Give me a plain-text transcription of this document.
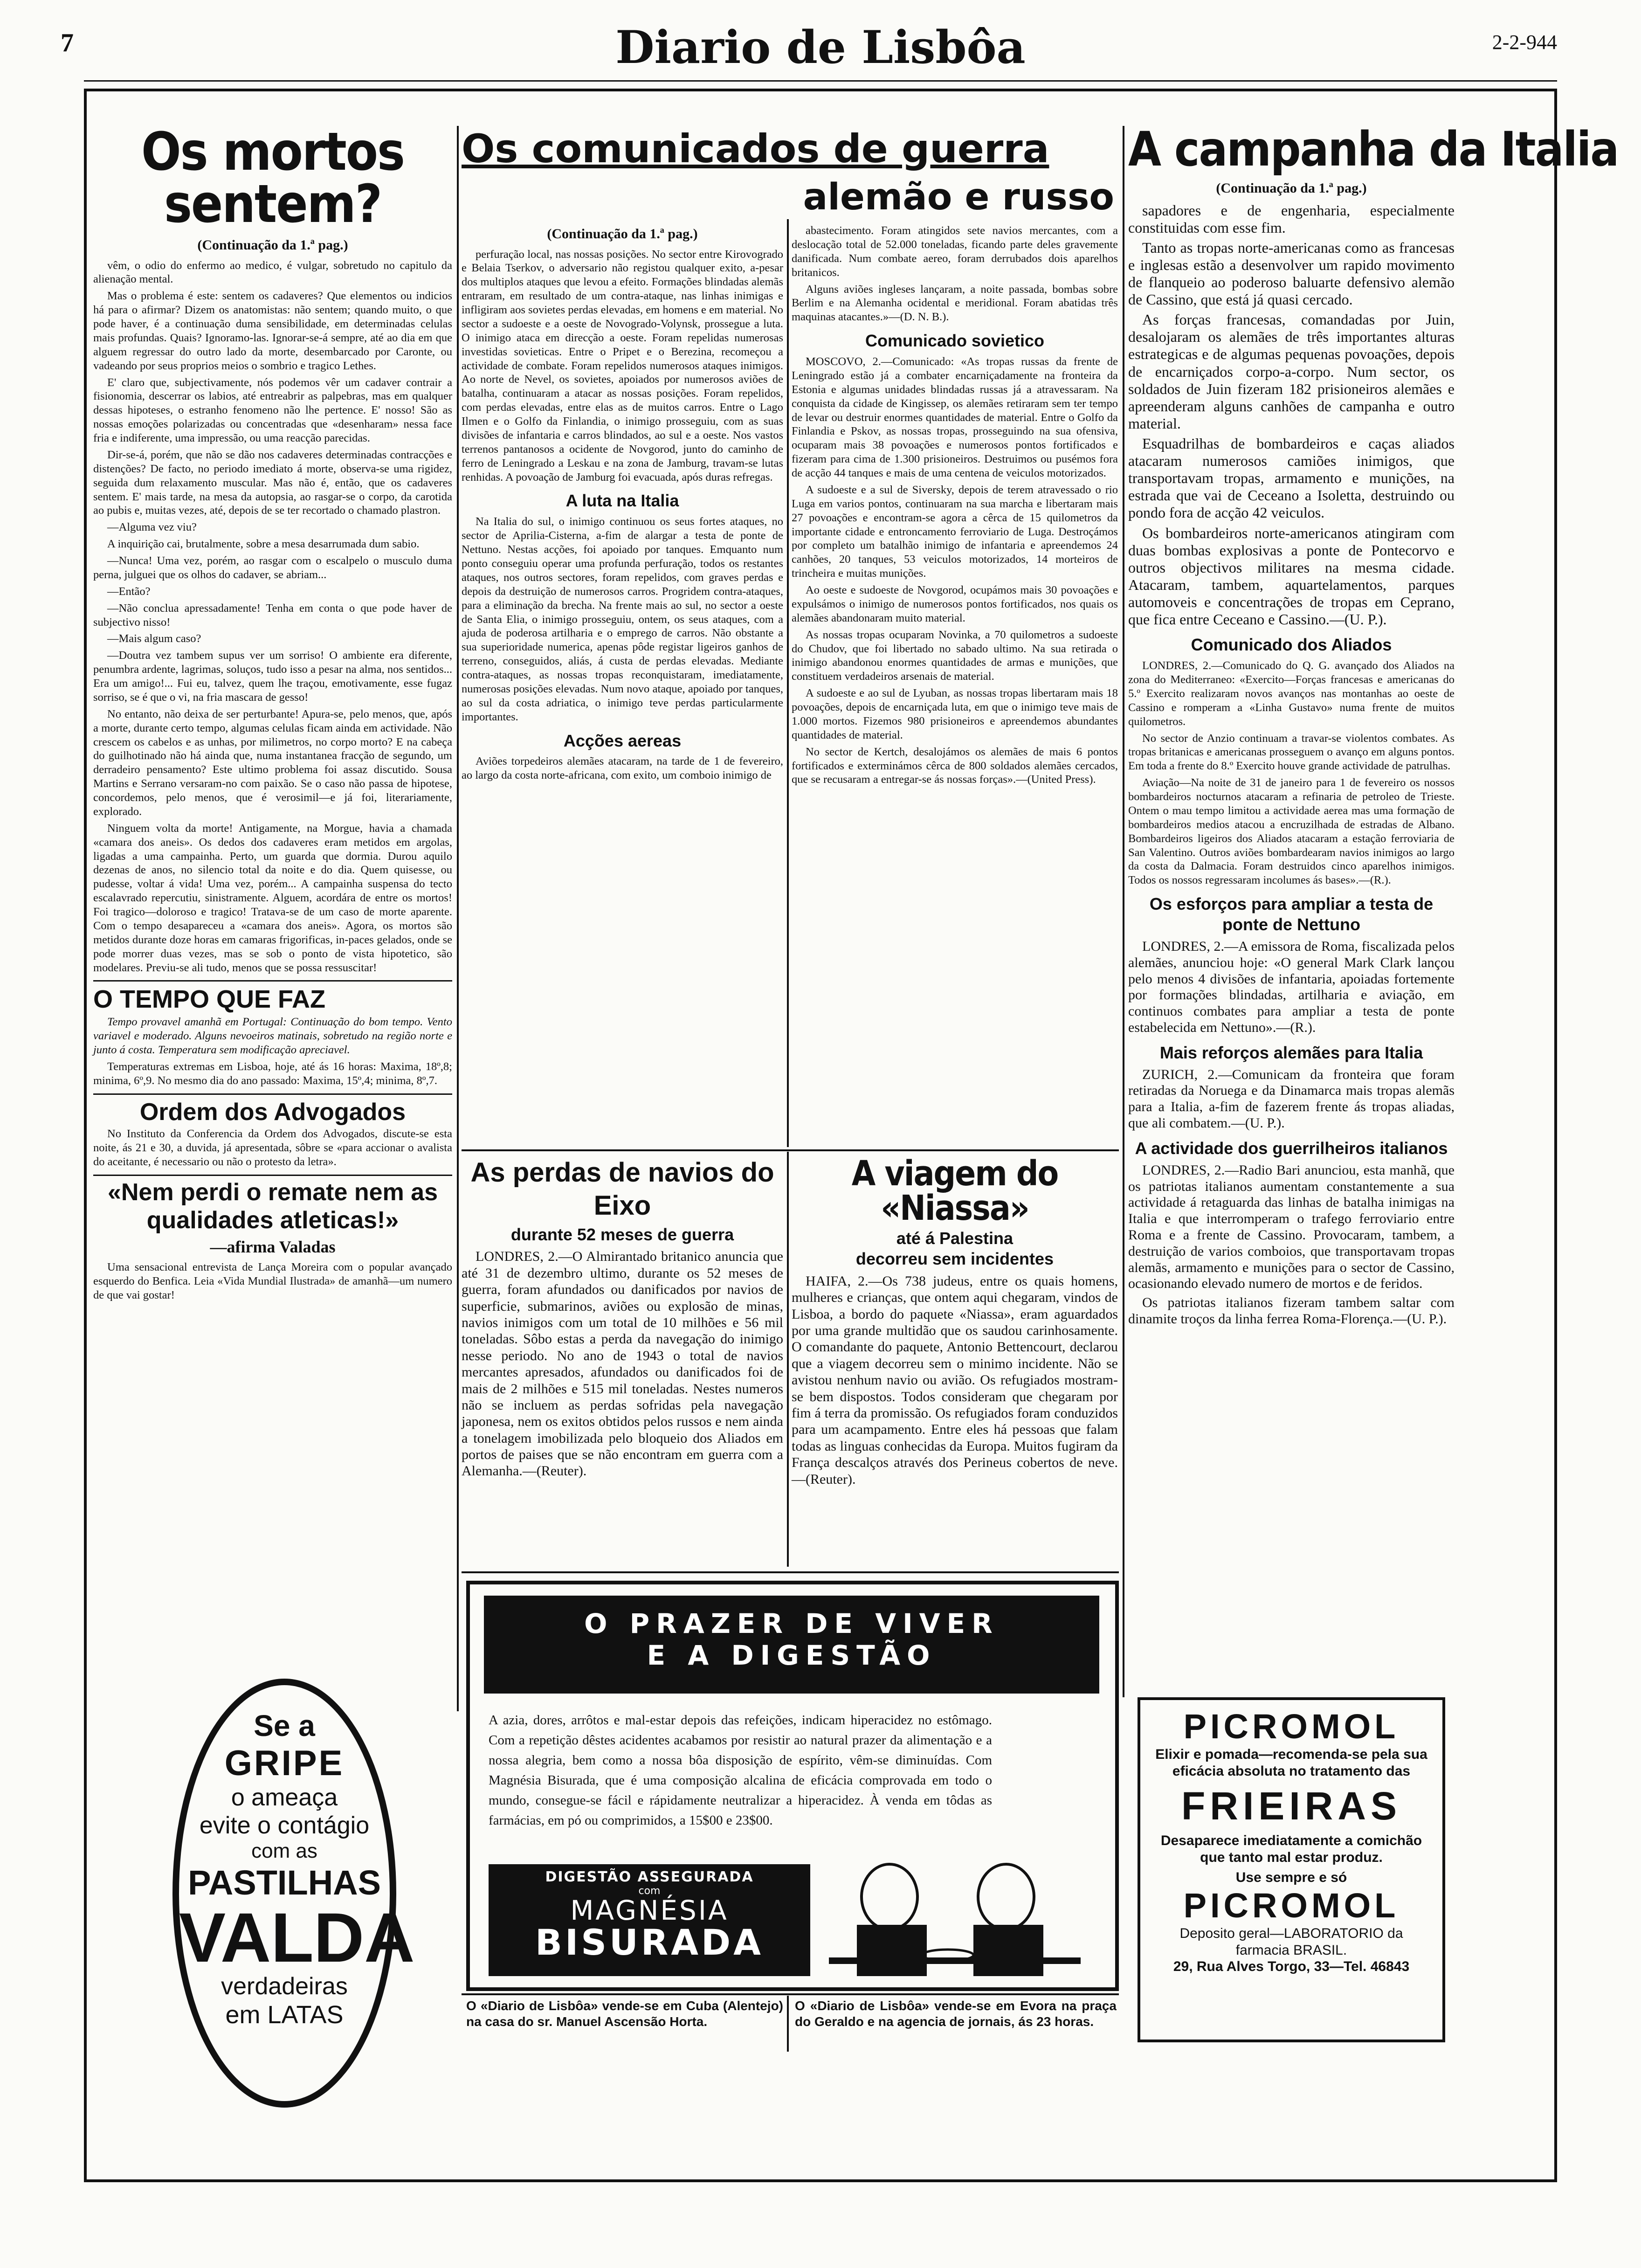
7	Diario de Lisbôa	2-2-944
Os mortos sentem?
(Continuação da 1.ª pag.)

vêm, o odio do enfermo ao medico, é vulgar, sobretudo no capitulo da alienação mental.

Mas o problema é este: sentem os cadaveres? Que elementos ou indicios há para o afirmar? Dizem os anatomistas: não sentem; quando muito, o que pode haver, é a continuação duma sensibilidade, em determinadas celulas mais profundas. Quais? Ignoramo-las. Ignorar-se-á sempre, até ao dia em que alguem regressar do outro lado da morte, desembarcado por Caronte, ou vadeando por seus proprios meios o sombrio e tragico Lethes.

E' claro que, subjectivamente, nós podemos vêr um cadaver contrair a fisionomia, descerrar os labios, até entreabrir as palpebras, mas em qualquer dessas hipoteses, o estranho fenomeno não lhe pertence. E' nosso! São as nossas emoções polarizadas ou concentradas que «desenharam» nessa face fria e indiferente, uma impressão, ou uma reacção parecidas.

Dir-se-á, porém, que não se dão nos cadaveres determinadas contracções e distenções? De facto, no periodo imediato á morte, observa-se uma rigidez, seguida dum relaxamento muscular. Mas não é, então, que os cadaveres sentem. E' mais tarde, na mesa da autopsia, ao rasgar-se o corpo, da carotida ao pubis e, muitas vezes, até, depois de se ter recortado o chamado plastron.

—Alguma vez viu?

A inquirição cai, brutalmente, sobre a mesa desarrumada dum sabio.

—Nunca! Uma vez, porém, ao rasgar com o escalpelo o musculo duma perna, julguei que os olhos do cadaver, se abriam...

—Então?

—Não conclua apressadamente! Tenha em conta o que pode haver de subjectivo nisso!

—Mais algum caso?

—Doutra vez tambem supus ver um sorriso! O ambiente era diferente, penumbra ardente, lagrimas, soluços, tudo isso a pesar na alma, nos sentidos... Era um amigo!... Fui eu, talvez, quem lhe traçou, emotivamente, esse fugaz sorriso, se é que o vi, na fria mascara de gesso!

No entanto, não deixa de ser perturbante! Apura-se, pelo menos, que, após a morte, durante certo tempo, algumas celulas ficam ainda em actividade. Não crescem os cabelos e as unhas, por milimetros, no corpo morto? E na cabeça do guilhotinado não há ainda que, numa instantanea fracção de segundo, um derradeiro pensamento? Este ultimo problema foi assaz discutido. Sousa Martins e Serrano versaram-no com paixão. Se o caso não passa de hipotese, concordemos, pelo menos, que é verosimil—e já foi, literariamente, explorado.

Ninguem volta da morte! Antigamente, na Morgue, havia a chamada «camara dos aneis». Os dedos dos cadaveres eram metidos em argolas, ligadas a uma campainha. Perto, um guarda que dormia. Durou aquilo dezenas de anos, no silencio total da noite e do dia. Quem quisesse, ou pudesse, voltar á vida! Uma vez, porém... A campainha suspensa do tecto escalavrado repercutiu, sinistramente. Alguem, acordára de entre os mortos! Foi tragico—doloroso e tragico! Tratava-se de um caso de morte aparente. Com o tempo desapareceu a «camara dos aneis». Agora, os mortos são metidos durante doze horas em camaras frigorificas, in-paces gelados, onde se pode morrer duas vezes, mas se sob o ponto de vista hipotetico, são modelares. Previu-se ali tudo, menos que se possa ressuscitar!

O TEMPO QUE FAZ

Tempo provavel amanhã em Portugal: Continuação do bom tempo. Vento variavel e moderado. Alguns nevoeiros matinais, sobretudo na região norte e junto á costa. Temperatura sem modificação apreciavel.

Temperaturas extremas em Lisboa, hoje, até ás 16 horas: Maxima, 18º,8; minima, 6º,9. No mesmo dia do ano passado: Maxima, 15º,4; minima, 8º,7.

Ordem dos Advogados

No Instituto da Conferencia da Ordem dos Advogados, discute-se esta noite, ás 21 e 30, a duvida, já apresentada, sôbre se «para accionar o avalista do aceitante, é necessario ou não o protesto da letra».

«Nem perdi o remate nem as qualidades atleticas!»
—afirma Valadas

Uma sensacional entrevista de Lança Moreira com o popular avançado esquerdo do Benfica. Leia «Vida Mundial Ilustrada» de amanhã—um numero de que vai gostar!

Se a
GRIPE
o ameaça
evite o contágio
com as
PASTILHAS
VALDA
verdadeiras
em LATAS
Os comunicados de guerra
alemão e russo
(Continuação da 1.ª pag.)

perfuração local, nas nossas posições. No sector entre Kirovogrado e Belaia Tserkov, o adversario não registou qualquer exito, a-pesar dos multiplos ataques que levou a efeito. Formações blindadas alemãs entraram, em resultado de um contra-ataque, nas linhas inimigas e infligiram aos sovietes perdas elevadas, em homens e em material. No sector a sudoeste e a oeste de Novogrado-Volynsk, prossegue a luta. O inimigo ataca em direcção a oeste. Foram repelidas numerosas investidas sovieticas. Entre o Pripet e o Berezina, recomeçou a actividade de combate. Foram repelidos numerosos ataques inimigos. Ao norte de Nevel, os sovietes, apoiados por numerosos aviões de batalha, continuaram a atacar as nossas posições. Foram repelidos, com perdas elevadas, entre elas as de muitos carros. Entre o Lago Ilmen e o Golfo da Finlandia, o inimigo prosseguiu, com as suas divisões de infantaria e carros blindados, ao sul e a oeste. Nos vastos terrenos pantanosos a ocidente de Novgorod, junto do caminho de ferro de Leningrado a Leskau e na zona de Jamburg, travam-se lutas renhidas. A povoação de Jamburg foi evacuada, após duras refregas.

A luta na Italia

Na Italia do sul, o inimigo continuou os seus fortes ataques, no sector de Aprilia-Cisterna, a-fim de alargar a testa de ponte de Nettuno. Nestas acções, foi apoiado por tanques. Emquanto num ponto conseguiu operar uma profunda perfuração, todos os restantes ataques, nos outros sectores, foram repelidos, com graves perdas e depois da destruição de numerosos carros. Progridem contra-ataques, para a eliminação da brecha. Na frente mais ao sul, no sector a oeste de Santa Elia, o inimigo prosseguiu, ontem, os seus ataques, com a ajuda de poderosa artilharia e o emprego de carros. Não obstante a sua superioridade numerica, apenas pôde registar ligeiros ganhos de terreno, conseguidos, aliás, á custa de perdas elevadas. Mediante contra-ataques, as nossas tropas reconquistaram, imediatamente, numerosas posições elevadas. Num novo ataque, apoiado por tanques, ao sul da costa adriatica, o inimigo teve perdas particularmente importantes.

Acções aereas

Aviões torpedeiros alemães atacaram, na tarde de 1 de fevereiro, ao largo da costa norte-africana, com exito, um comboio inimigo de

abastecimento. Foram atingidos sete navios mercantes, com a deslocação total de 52.000 toneladas, ficando parte deles gravemente danificada. Num combate aereo, foram derrubados dois aparelhos britanicos.

Alguns aviões ingleses lançaram, a noite passada, bombas sobre Berlim e na Alemanha ocidental e meridional. Foram abatidas três maquinas atacantes.»—(D. N. B.).

Comunicado sovietico

MOSCOVO, 2.—Comunicado: «As tropas russas da frente de Leningrado estão já a combater encarniçadamente na fronteira da Estonia e algumas unidades blindadas russas já a atravessaram. Na conquista da cidade de Kingissep, os alemães retiraram sem ter tempo de levar ou destruir enormes quantidades de material. Entre o Golfo da Finlandia e Pskov, as nossas tropas, prosseguindo na sua ofensiva, ocuparam mais 38 povoações e numerosos pontos fortificados e fizeram para cima de 1.300 prisioneiros. Destruimos ou pusémos fora de acção 44 tanques e mais de uma centena de veiculos motorizados.

A sudoeste e a sul de Siversky, depois de terem atravessado o rio Luga em varios pontos, continuaram na sua marcha e libertaram mais 27 povoações e encontram-se agora a cêrca de 15 quilometros da importante cidade e entroncamento ferroviario de Luga. Destroçámos por completo um batalhão inimigo de infantaria e apreendemos 24 canhões, 20 tanques, 53 veiculos motorizados, 14 morteiros de trincheira e muitas munições.

Ao oeste e sudoeste de Novgorod, ocupámos mais 30 povoações e expulsámos o inimigo de numerosos pontos fortificados, nos quais os alemães abandonaram muito material.

As nossas tropas ocuparam Novinka, a 70 quilometros a sudoeste do Chudov, que foi libertado no sabado ultimo. Na sua retirada o inimigo abandonou enormes quantidades de armas e munições, que constituem verdadeiros arsenais de material.

A sudoeste e ao sul de Lyuban, as nossas tropas libertaram mais 18 povoações, depois de encarniçada luta, em que o inimigo teve mais de 1.000 mortos. Fizemos 980 prisioneiros e apreendemos abundantes quantidades de material.

No sector de Kertch, desalojámos os alemães de mais 6 pontos fortificados e exterminámos cêrca de 800 soldados alemães cercados, que se recusaram a entregar-se ás nossas forças».—(United Press).

As perdas de navios do Eixo
durante 52 meses de guerra

LONDRES, 2.—O Almirantado britanico anuncia que até 31 de dezembro ultimo, durante os 52 meses de guerra, foram afundados ou danificados por navios de superficie, submarinos, aviões ou explosão de minas, navios inimigos com um total de 10 milhões e 56 mil toneladas. Sôbo estas a perda da navegação do inimigo nesse periodo. No ano de 1943 o total de navios mercantes apresados, afundados ou danificados foi de mais de 2 milhões e 515 mil toneladas. Nestes numeros não se incluem as perdas sofridas pela navegação japonesa, nem os exitos obtidos pelos russos e nem ainda a tonelagem imobilizada pelo bloqueio dos Aliados em portos de paises que se não encontram em guerra com a Alemanha.—(Reuter).

A viagem do «Niassa»
até á Palestina
decorreu sem incidentes

HAIFA, 2.—Os 738 judeus, entre os quais homens, mulheres e crianças, que ontem aqui chegaram, vindos de Lisboa, a bordo do paquete «Niassa», eram aguardados por uma grande multidão que os saudou carinhosamente. O comandante do paquete, Antonio Bettencourt, declarou que a viagem decorreu sem o minimo incidente. Não se avistou nenhum navio ou avião. Os refugiados mostram-se bem dispostos. Todos consideram que chegaram por fim á terra da promissão. Os refugiados foram conduzidos para um acampamento. Entre eles há pessoas que falam todas as linguas conhecidas da Europa. Muitos fugiram da França descalços através dos Perineus cobertos de neve.—(Reuter).

O PRAZER DE VIVER
E A DIGESTÃO
A azia, dores, arrôtos e mal-estar depois das refeições, indicam hiperacidez no estômago. Com a repetição dêstes acidentes acabamos por resistir ao natural prazer da alimentação e a nossa alegria, bem como a nossa bôa disposição de espírito, vêm-se diminuídas. Com Magnésia Bisurada, que é uma composição alcalina de eficácia comprovada em todo o mundo, consegue-se fácil e rápidamente neutralizar a hiperacidez. À venda em tôdas as farmácias, em pó ou comprimidos, a 15$00 e 23$00.
DIGESTÃO ASSEGURADA
com
MAGNÉSIA
BISURADA

O «Diario de Lisbôa» vende-se em Cuba (Alentejo) na casa do sr. Manuel Ascensão Horta.

O «Diario de Lisbôa» vende-se em Evora na praça do Geraldo e na agencia de jornais, ás 23 horas.

A campanha da Italia
(Continuação da 1.ª pag.)

sapadores e de engenharia, especialmente constituidas com esse fim.

Tanto as tropas norte-americanas como as francesas e inglesas estão a desenvolver um rapido movimento de flanqueio ao poderoso baluarte defensivo alemão de Cassino, que está já quasi cercado.

As forças francesas, comandadas por Juin, desalojaram os alemães de três importantes alturas estrategicas e de algumas pequenas povoações, depois de encarniçados corpo-a-corpo. Num sector, os soldados de Juin fizeram 182 prisioneiros alemães e apreenderam alguns canhões de campanha e outro material.

Esquadrilhas de bombardeiros e caças aliados atacaram numerosos camiões inimigos, que transportavam tropas, armamento e munições, na estrada que vai de Ceceano a Isoletta, destruindo ou pondo fora de acção 42 veiculos.

Os bombardeiros norte-americanos atingiram com duas bombas explosivas a ponte de Pontecorvo e outros objectivos militares na mesma cidade. Atacaram, tambem, aquartelamentos, parques automoveis e concentrações de tropas em Ceprano, que fica entre Ceceano e Cassino.—(U. P.).

Comunicado dos Aliados

LONDRES, 2.—Comunicado do Q. G. avançado dos Aliados na zona do Mediterraneo: «Exercito—Forças francesas e americanas do 5.º Exercito realizaram novos avanços nas montanhas ao oeste de Cassino e romperam a «Linha Gustavo» numa frente de muitos quilometros.

No sector de Anzio continuam a travar-se violentos combates. As tropas britanicas e americanas prosseguem o avanço em alguns pontos. Em toda a frente do 8.º Exercito houve grande actividade de patrulhas.

Aviação—Na noite de 31 de janeiro para 1 de fevereiro os nossos bombardeiros nocturnos atacaram a refinaria de petroleo de Trieste. Ontem o mau tempo limitou a actividade aerea mas uma formação de bombardeiros medios atacou a encruzilhada de estradas de Albano. Bombardeiros ligeiros dos Aliados atacaram a estação ferroviaria de San Valentino. Outros aviões bombardearam navios inimigos ao largo da costa da Dalmacia. Foram destruidos cinco aparelhos inimigos. Todos os nossos regressaram incolumes ás bases».—(R.).

Os esforços para ampliar a testa de ponte de Nettuno

LONDRES, 2.—A emissora de Roma, fiscalizada pelos alemães, anunciou hoje: «O general Mark Clark lançou pelo menos 4 divisões de infantaria, apoiadas fortemente por formações blindadas, artilharia e aviação, em continuos combates para ampliar a testa de ponte estabelecida em Nettuno».—(R.).

Mais reforços alemães para Italia

ZURICH, 2.—Comunicam da fronteira que foram retiradas da Noruega e da Dinamarca mais tropas alemãs para a Italia, a-fim de fazerem frente ás tropas aliadas, que ali combatem.—(U. P.).

A actividade dos guerrilheiros italianos

LONDRES, 2.—Radio Bari anunciou, esta manhã, que os patriotas italianos aumentam constantemente a sua actividade á retaguarda das linhas de batalha inimigas na Italia e que interromperam o trafego ferroviario entre Roma e a frente de Cassino. Provocaram, tambem, a destruição de varios comboios, que transportavam tropas alemãs, armamento e munições para o sector de Cassino, ocasionando elevado numero de mortos e de feridos.

Os patriotas italianos fizeram tambem saltar com dinamite troços da linha ferrea Roma-Florença.—(U. P.).

PICROMOL
Elixir e pomada—recomenda-se pela sua eficácia absoluta no tratamento das
FRIEIRAS
Desaparece imediatamente a comichão que tanto mal estar produz.
Use sempre e só
PICROMOL
Deposito geral—LABORATORIO da farmacia BRASIL.
29, Rua Alves Torgo, 33—Tel. 46843
